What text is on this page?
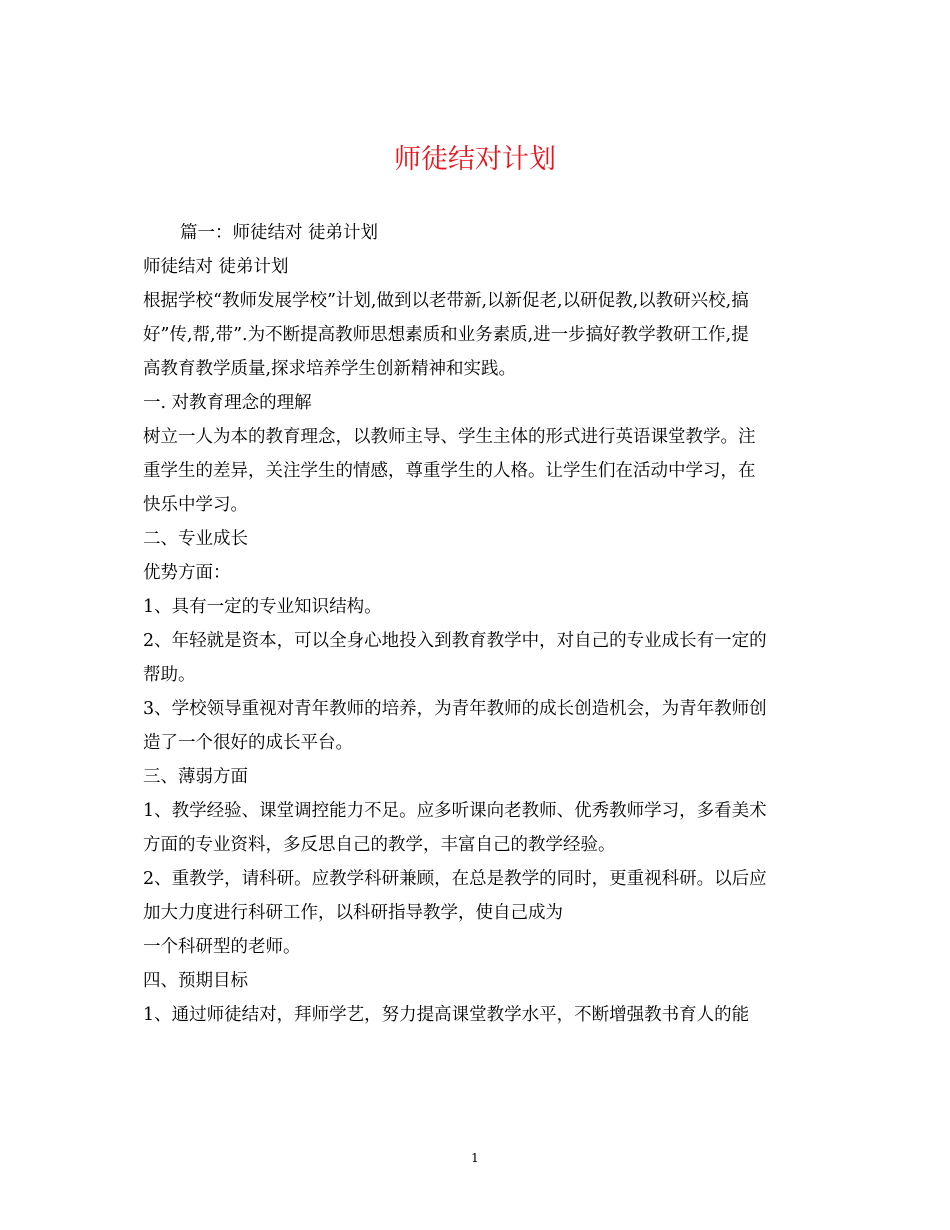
师徒结对计划
篇一：师徒结对 徒弟计划
师徒结对 徒弟计划
根据学校“教师发展学校”计划,做到以老带新,以新促老,以研促教,以教研兴校,搞
好”传,帮,带”.为不断提高教师思想素质和业务素质,进一步搞好教学教研工作,提
高教育教学质量,探求培养学生创新精神和实践。
一. 对教育理念的理解
树立一人为本的教育理念，以教师主导、学生主体的形式进行英语课堂教学。注
重学生的差异，关注学生的情感，尊重学生的人格。让学生们在活动中学习，在
快乐中学习。
二、专业成长
优势方面：
1、具有一定的专业知识结构。
2、年轻就是资本，可以全身心地投入到教育教学中，对自己的专业成长有一定的
帮助。
3、学校领导重视对青年教师的培养，为青年教师的成长创造机会，为青年教师创
造了一个很好的成长平台。
三、薄弱方面
1、教学经验、课堂调控能力不足。应多听课向老教师、优秀教师学习，多看美术
方面的专业资料，多反思自己的教学，丰富自己的教学经验。
2、重教学，请科研。应教学科研兼顾，在总是教学的同时，更重视科研。以后应
加大力度进行科研工作，以科研指导教学，使自己成为
一个科研型的老师。
四、预期目标
1、通过师徒结对，拜师学艺，努力提高课堂教学水平，不断增强教书育人的能
1
